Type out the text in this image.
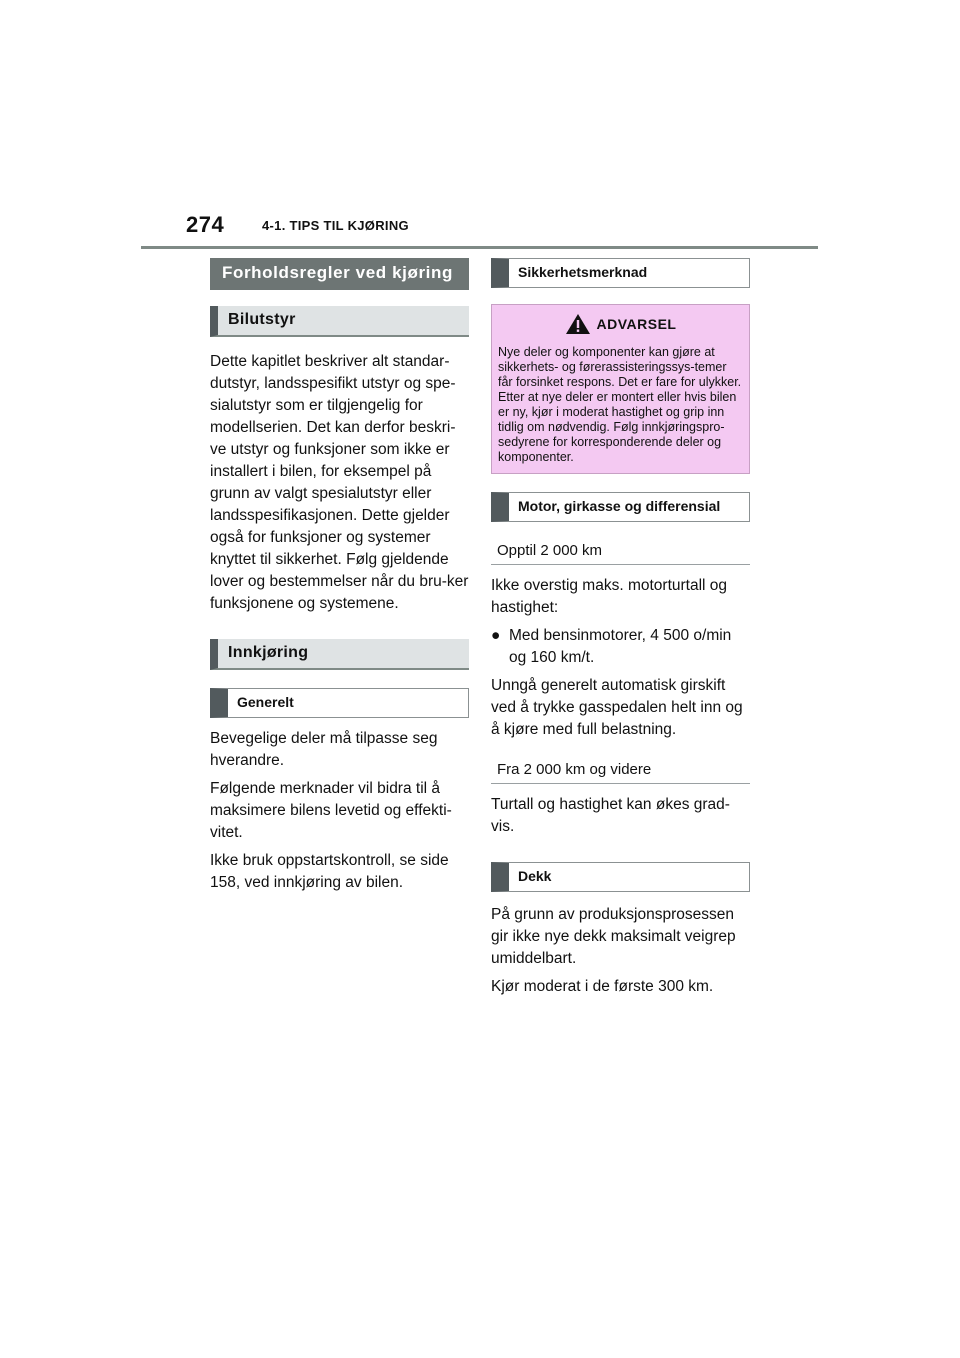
274	4-1. TIPS TIL KJØRING
Forholdsregler ved kjøring
Bilutstyr

Dette kapitlet beskriver alt standar-dutstyr, landsspesifikt utstyr og spe-sialutstyr som er tilgjengelig for modellserien. Det kan derfor beskri-ve utstyr og funksjoner som ikke er installert i bilen, for eksempel på grunn av valgt spesialutstyr eller landsspesifikasjonen. Dette gjelder også for funksjoner og systemer knyttet til sikkerhet. Følg gjeldende lover og bestemmelser når du bru-ker funksjonene og systemene.

Innkjøring
Generelt

Bevegelige deler må tilpasse seg hverandre.

Følgende merknader vil bidra til å maksimere bilens levetid og effekti-vitet.

Ikke bruk oppstartskontroll, se side 158, ved innkjøring av bilen.

Sikkerhetsmerknad
ADVARSEL

Nye deler og komponenter kan gjøre at sikkerhets- og førerassisteringssys-temer får forsinket respons. Det er fare for ulykker. Etter at nye deler er montert eller hvis bilen er ny, kjør i moderat hastighet og grip inn tidlig om nødvendig. Følg innkjøringspro-sedyrene for korresponderende deler og komponenter.

Motor, girkasse og differensial
Opptil 2 000 km

Ikke overstig maks. motorturtall og hastighet:

● Med bensinmotorer, 4 500 o/min og 160 km/t.

Unngå generelt automatisk girskift ved å trykke gasspedalen helt inn og å kjøre med full belastning.

Fra 2 000 km og videre

Turtall og hastighet kan økes grad-vis.

Dekk

På grunn av produksjonsprosessen gir ikke nye dekk maksimalt veigrep umiddelbart.

Kjør moderat i de første 300 km.
